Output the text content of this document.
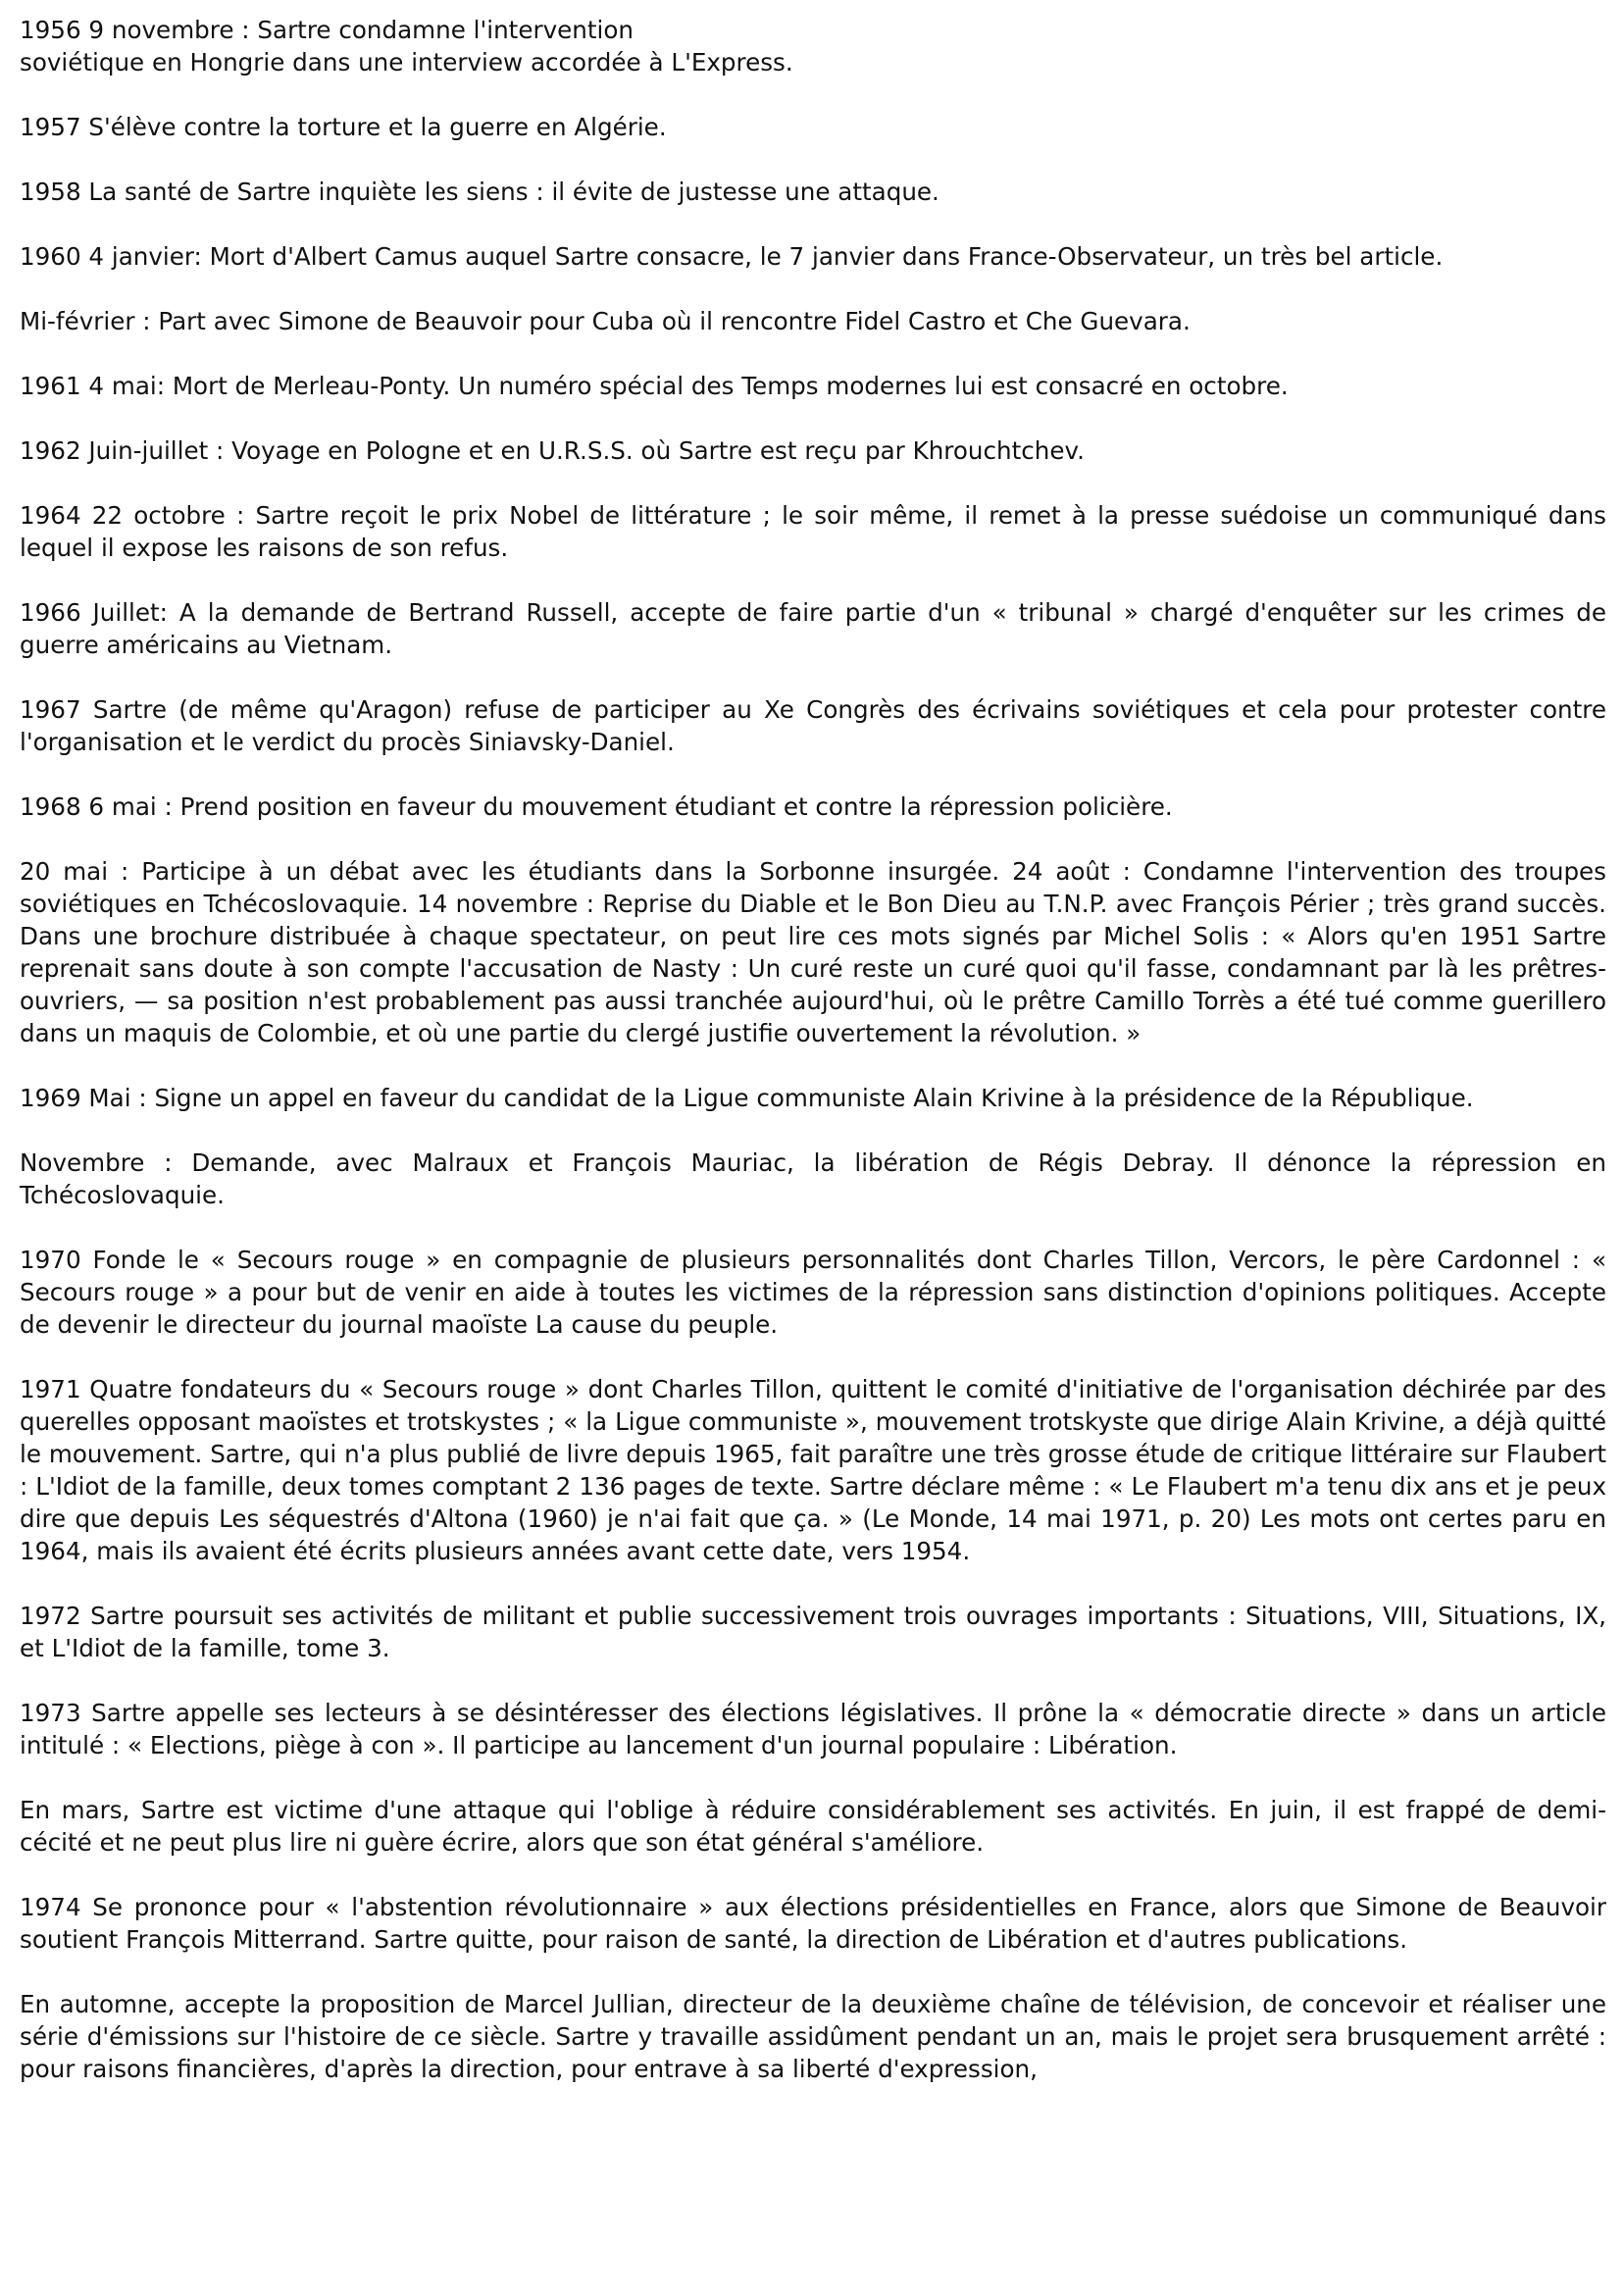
1956 9 novembre : Sartre condamne l'intervention
soviétique en Hongrie dans une interview accordée à L'Express.

1957 S'élève contre la torture et la guerre en Algérie.

1958 La santé de Sartre inquiète les siens : il évite de justesse une attaque.

1960 4 janvier: Mort d'Albert Camus auquel Sartre consacre, le 7 janvier dans France-Observateur, un très bel article.

Mi-février : Part avec Simone de Beauvoir pour Cuba où il rencontre Fidel Castro et Che Guevara.

1961 4 mai: Mort de Merleau-Ponty. Un numéro spécial des Temps modernes lui est consacré en octobre.

1962 Juin-juillet : Voyage en Pologne et en U.R.S.S. où Sartre est reçu par Khrouchtchev.

1964 22 octobre : Sartre reçoit le prix Nobel de littérature ; le soir même, il remet à la presse suédoise un communiqué dans lequel il expose les raisons de son refus.

1966 Juillet: A la demande de Bertrand Russell, accepte de faire partie d'un « tribunal » chargé d'enquêter sur les crimes de guerre américains au Vietnam.

1967 Sartre (de même qu'Aragon) refuse de participer au Xe Congrès des écrivains soviétiques et cela pour protester contre l'organisation et le verdict du procès Siniavsky-Daniel.

1968 6 mai : Prend position en faveur du mouvement étudiant et contre la répression policière.

20 mai : Participe à un débat avec les étudiants dans la Sorbonne insurgée. 24 août : Condamne l'intervention des troupes soviétiques en Tchécoslovaquie. 14 novembre : Reprise du Diable et le Bon Dieu au T.N.P. avec François Périer ; très grand succès. Dans une brochure distribuée à chaque spectateur, on peut lire ces mots signés par Michel Solis : « Alors qu'en 1951 Sartre reprenait sans doute à son compte l'accusation de Nasty : Un curé reste un curé quoi qu'il fasse, condamnant par là les prêtres-ouvriers, — sa position n'est probablement pas aussi tranchée aujourd'hui, où le prêtre Camillo Torrès a été tué comme guerillero dans un maquis de Colombie, et où une partie du clergé justifie ouvertement la révolution. »

1969 Mai : Signe un appel en faveur du candidat de la Ligue communiste Alain Krivine à la présidence de la République.

Novembre : Demande, avec Malraux et François Mauriac, la libération de Régis Debray. Il dénonce la répression en Tchécoslovaquie.

1970 Fonde le « Secours rouge » en compagnie de plusieurs personnalités dont Charles Tillon, Vercors, le père Cardonnel : « Secours rouge » a pour but de venir en aide à toutes les victimes de la répression sans distinction d'opinions politiques. Accepte de devenir le directeur du journal maoïste La cause du peuple.

1971 Quatre fondateurs du « Secours rouge » dont Charles Tillon, quittent le comité d'initiative de l'organisation déchirée par des querelles opposant maoïstes et trotskystes ; « la Ligue communiste », mouvement trotskyste que dirige Alain Krivine, a déjà quitté le mouvement. Sartre, qui n'a plus publié de livre depuis 1965, fait paraître une très grosse étude de critique littéraire sur Flaubert : L'Idiot de la famille, deux tomes comptant 2 136 pages de texte. Sartre déclare même : « Le Flaubert m'a tenu dix ans et je peux dire que depuis Les séquestrés d'Altona (1960) je n'ai fait que ça. » (Le Monde, 14 mai 1971, p. 20) Les mots ont certes paru en 1964, mais ils avaient été écrits plusieurs années avant cette date, vers 1954.

1972 Sartre poursuit ses activités de militant et publie successivement trois ouvrages importants : Situations, VIII, Situations, IX, et L'Idiot de la famille, tome 3.

1973 Sartre appelle ses lecteurs à se désintéresser des élections législatives. Il prône la « démocratie directe » dans un article intitulé : « Elections, piège à con ». Il participe au lancement d'un journal populaire : Libération.

En mars, Sartre est victime d'une attaque qui l'oblige à réduire considérablement ses activités. En juin, il est frappé de demi-cécité et ne peut plus lire ni guère écrire, alors que son état général s'améliore.

1974 Se prononce pour « l'abstention révolutionnaire » aux élections présidentielles en France, alors que Simone de Beauvoir soutient François Mitterrand. Sartre quitte, pour raison de santé, la direction de Libération et d'autres publications.

En automne, accepte la proposition de Marcel Jullian, directeur de la deuxième chaîne de télévision, de concevoir et réaliser une série d'émissions sur l'histoire de ce siècle. Sartre y travaille assidûment pendant un an, mais le projet sera brusquement arrêté : pour raisons financières, d'après la direction, pour entrave à sa liberté d'expression,
